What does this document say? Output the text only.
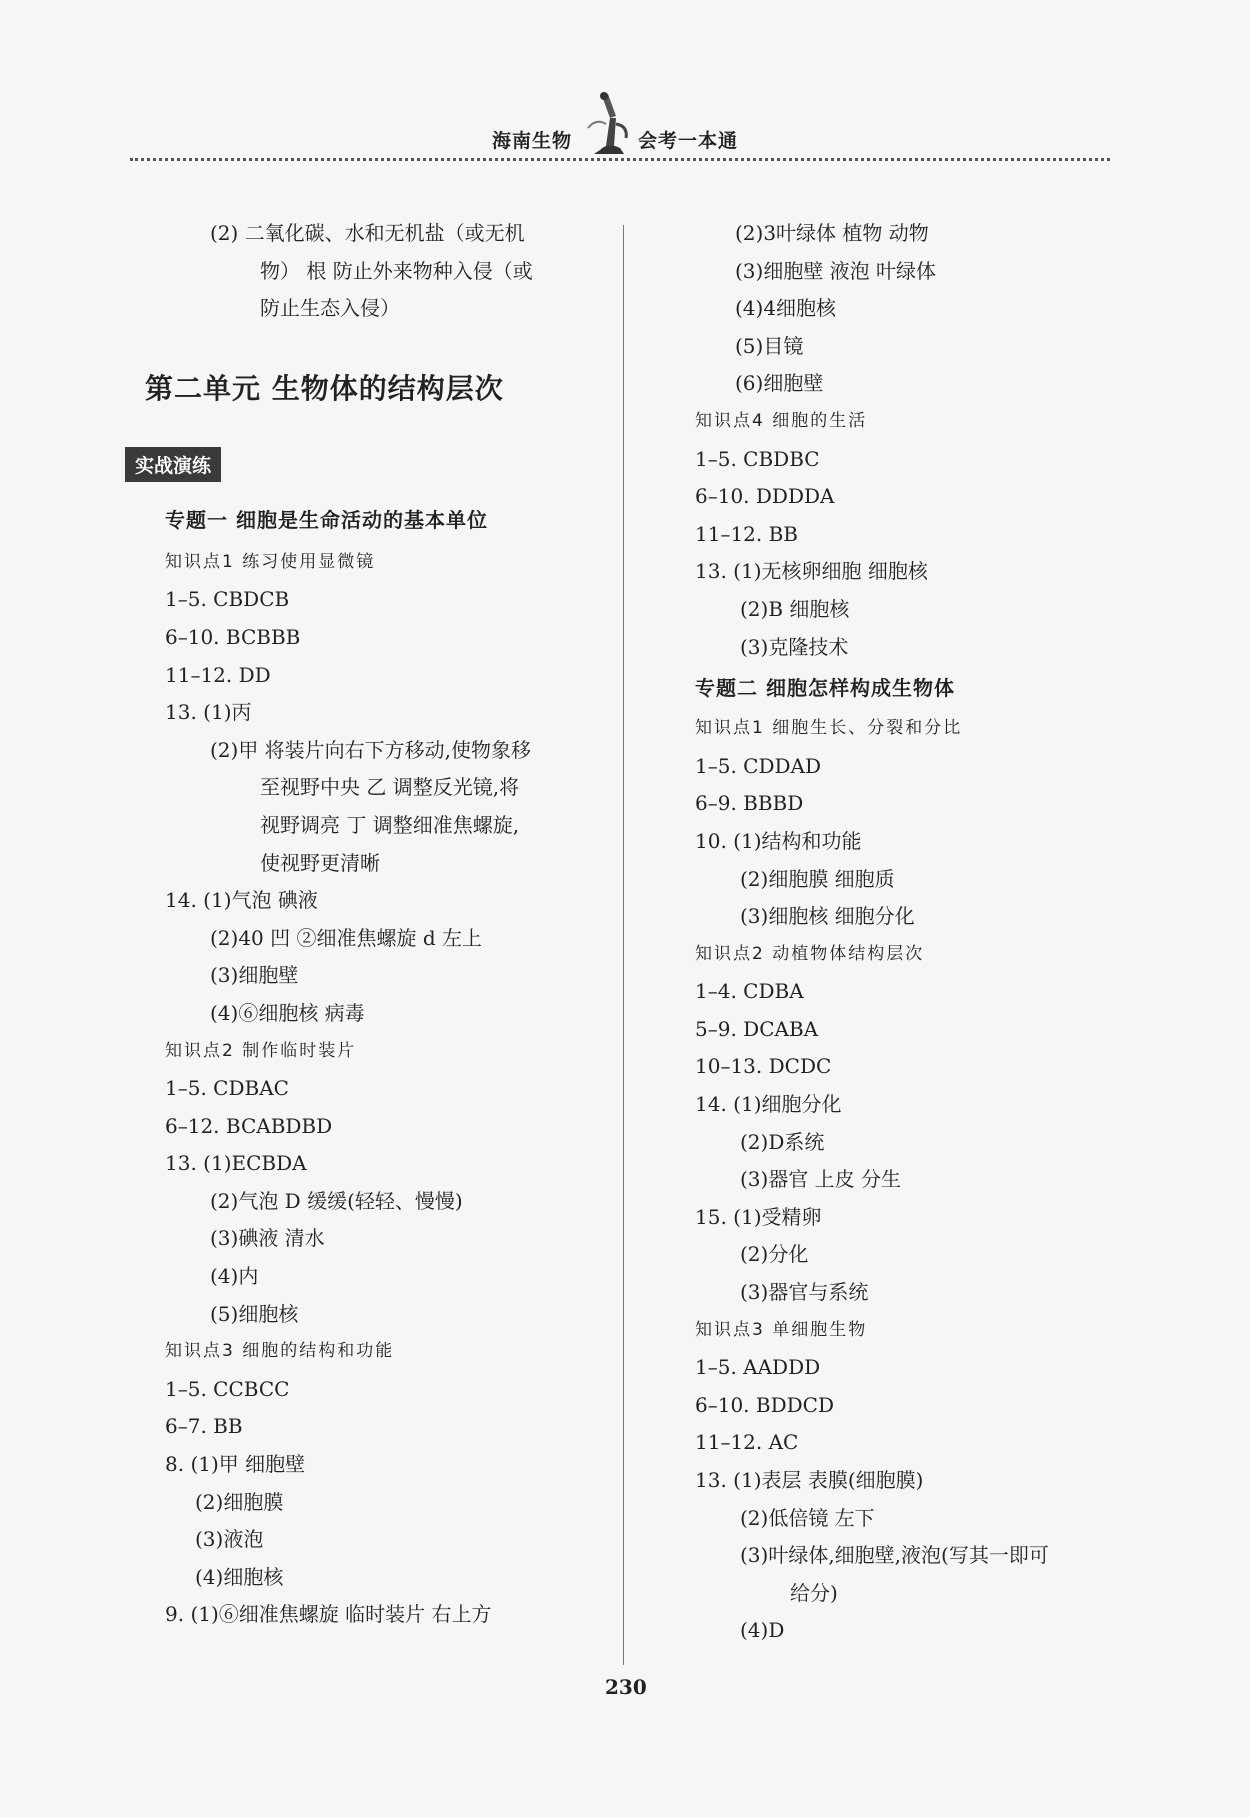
海南生物	会考一本通
(2) 二氧化碳、水和无机盐（或无机
物） 根 防止外来物种入侵（或
防止生态入侵）
第二单元 生物体的结构层次
实战演练
专题一 细胞是生命活动的基本单位
知识点1 练习使用显微镜
1–5. CBDCB
6–10. BCBBB
11–12. DD
13. (1)丙
(2)甲 将装片向右下方移动,使物象移
至视野中央 乙 调整反光镜,将
视野调亮 丁 调整细准焦螺旋,
使视野更清晰
14. (1)气泡 碘液
(2)40 凹 ②细准焦螺旋 d 左上
(3)细胞壁
(4)⑥细胞核 病毒
知识点2 制作临时装片
1–5. CDBAC
6–12. BCABDBD
13. (1)ECBDA
(2)气泡 D 缓缓(轻轻、慢慢)
(3)碘液 清水
(4)内
(5)细胞核
知识点3 细胞的结构和功能
1–5. CCBCC
6–7. BB
8. (1)甲 细胞壁
(2)细胞膜
(3)液泡
(4)细胞核
9. (1)⑥细准焦螺旋 临时装片 右上方
(2)3叶绿体 植物 动物
(3)细胞壁 液泡 叶绿体
(4)4细胞核
(5)目镜
(6)细胞壁
知识点4 细胞的生活
1–5. CBDBC
6–10. DDDDA
11–12. BB
13. (1)无核卵细胞 细胞核
(2)B 细胞核
(3)克隆技术
专题二 细胞怎样构成生物体
知识点1 细胞生长、分裂和分比
1–5. CDDAD
6–9. BBBD
10. (1)结构和功能
(2)细胞膜 细胞质
(3)细胞核 细胞分化
知识点2 动植物体结构层次
1–4. CDBA
5–9. DCABA
10–13. DCDC
14. (1)细胞分化
(2)D系统
(3)器官 上皮 分生
15. (1)受精卵
(2)分化
(3)器官与系统
知识点3 单细胞生物
1–5. AADDD
6–10. BDDCD
11–12. AC
13. (1)表层 表膜(细胞膜)
(2)低倍镜 左下
(3)叶绿体,细胞壁,液泡(写其一即可
给分)
(4)D
230
